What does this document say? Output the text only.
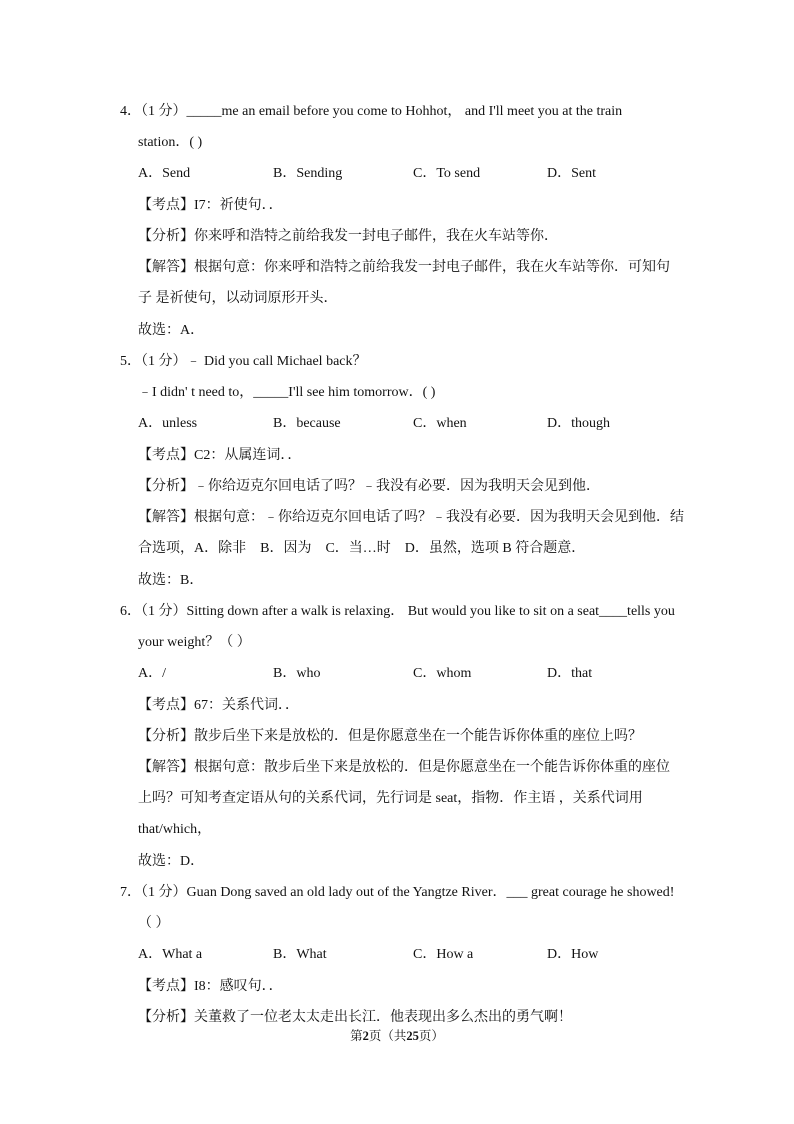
4．（1 分）_____me an email before you come to Hohhot， and I'll meet you at the train
station．( )
A．Send	B．Sending	C．To send	D．Sent
【考点】I7：祈使句．．
【分析】你来呼和浩特之前给我发一封电子邮件，我在火车站等你．
【解答】根据句意：你来呼和浩特之前给我发一封电子邮件，我在火车站等你．可知句
子 是祈使句，以动词原形开头．
故选：A．
5．（1 分）﹣ Did you call Michael back？
﹣I didn' t need to，_____I'll see him tomorrow．( )
A．unless	B．because	C．when	D．though
【考点】C2：从属连词．．
【分析】﹣你给迈克尔回电话了吗？﹣我没有必要．因为我明天会见到他．
【解答】根据句意：﹣你给迈克尔回电话了吗？﹣我没有必要．因为我明天会见到他．结
合选项，A．除非　B．因为　C．当…时　D．虽然，选项 B 符合题意．
故选：B．
6．（1 分）Sitting down after a walk is relaxing． But would you like to sit on a seat____tells you
your weight？（ ）
A．/	B．who	C．whom	D．that
【考点】67：关系代词．．
【分析】散步后坐下来是放松的．但是你愿意坐在一个能告诉你体重的座位上吗？
【解答】根据句意：散步后坐下来是放松的．但是你愿意坐在一个能告诉你体重的座位
上吗？可知考查定语从句的关系代词，先行词是 seat，指物．作主语 ，关系代词用
that/which，
故选：D．
7．（1 分）Guan Dong saved an old lady out of the Yangtze River．___ great courage he showed!
（ ）
A．What a	B．What	C．How a	D．How
【考点】I8：感叹句．．
【分析】关董救了一位老太太走出长江．他表现出多么杰出的勇气啊！
第2页（共25页）
